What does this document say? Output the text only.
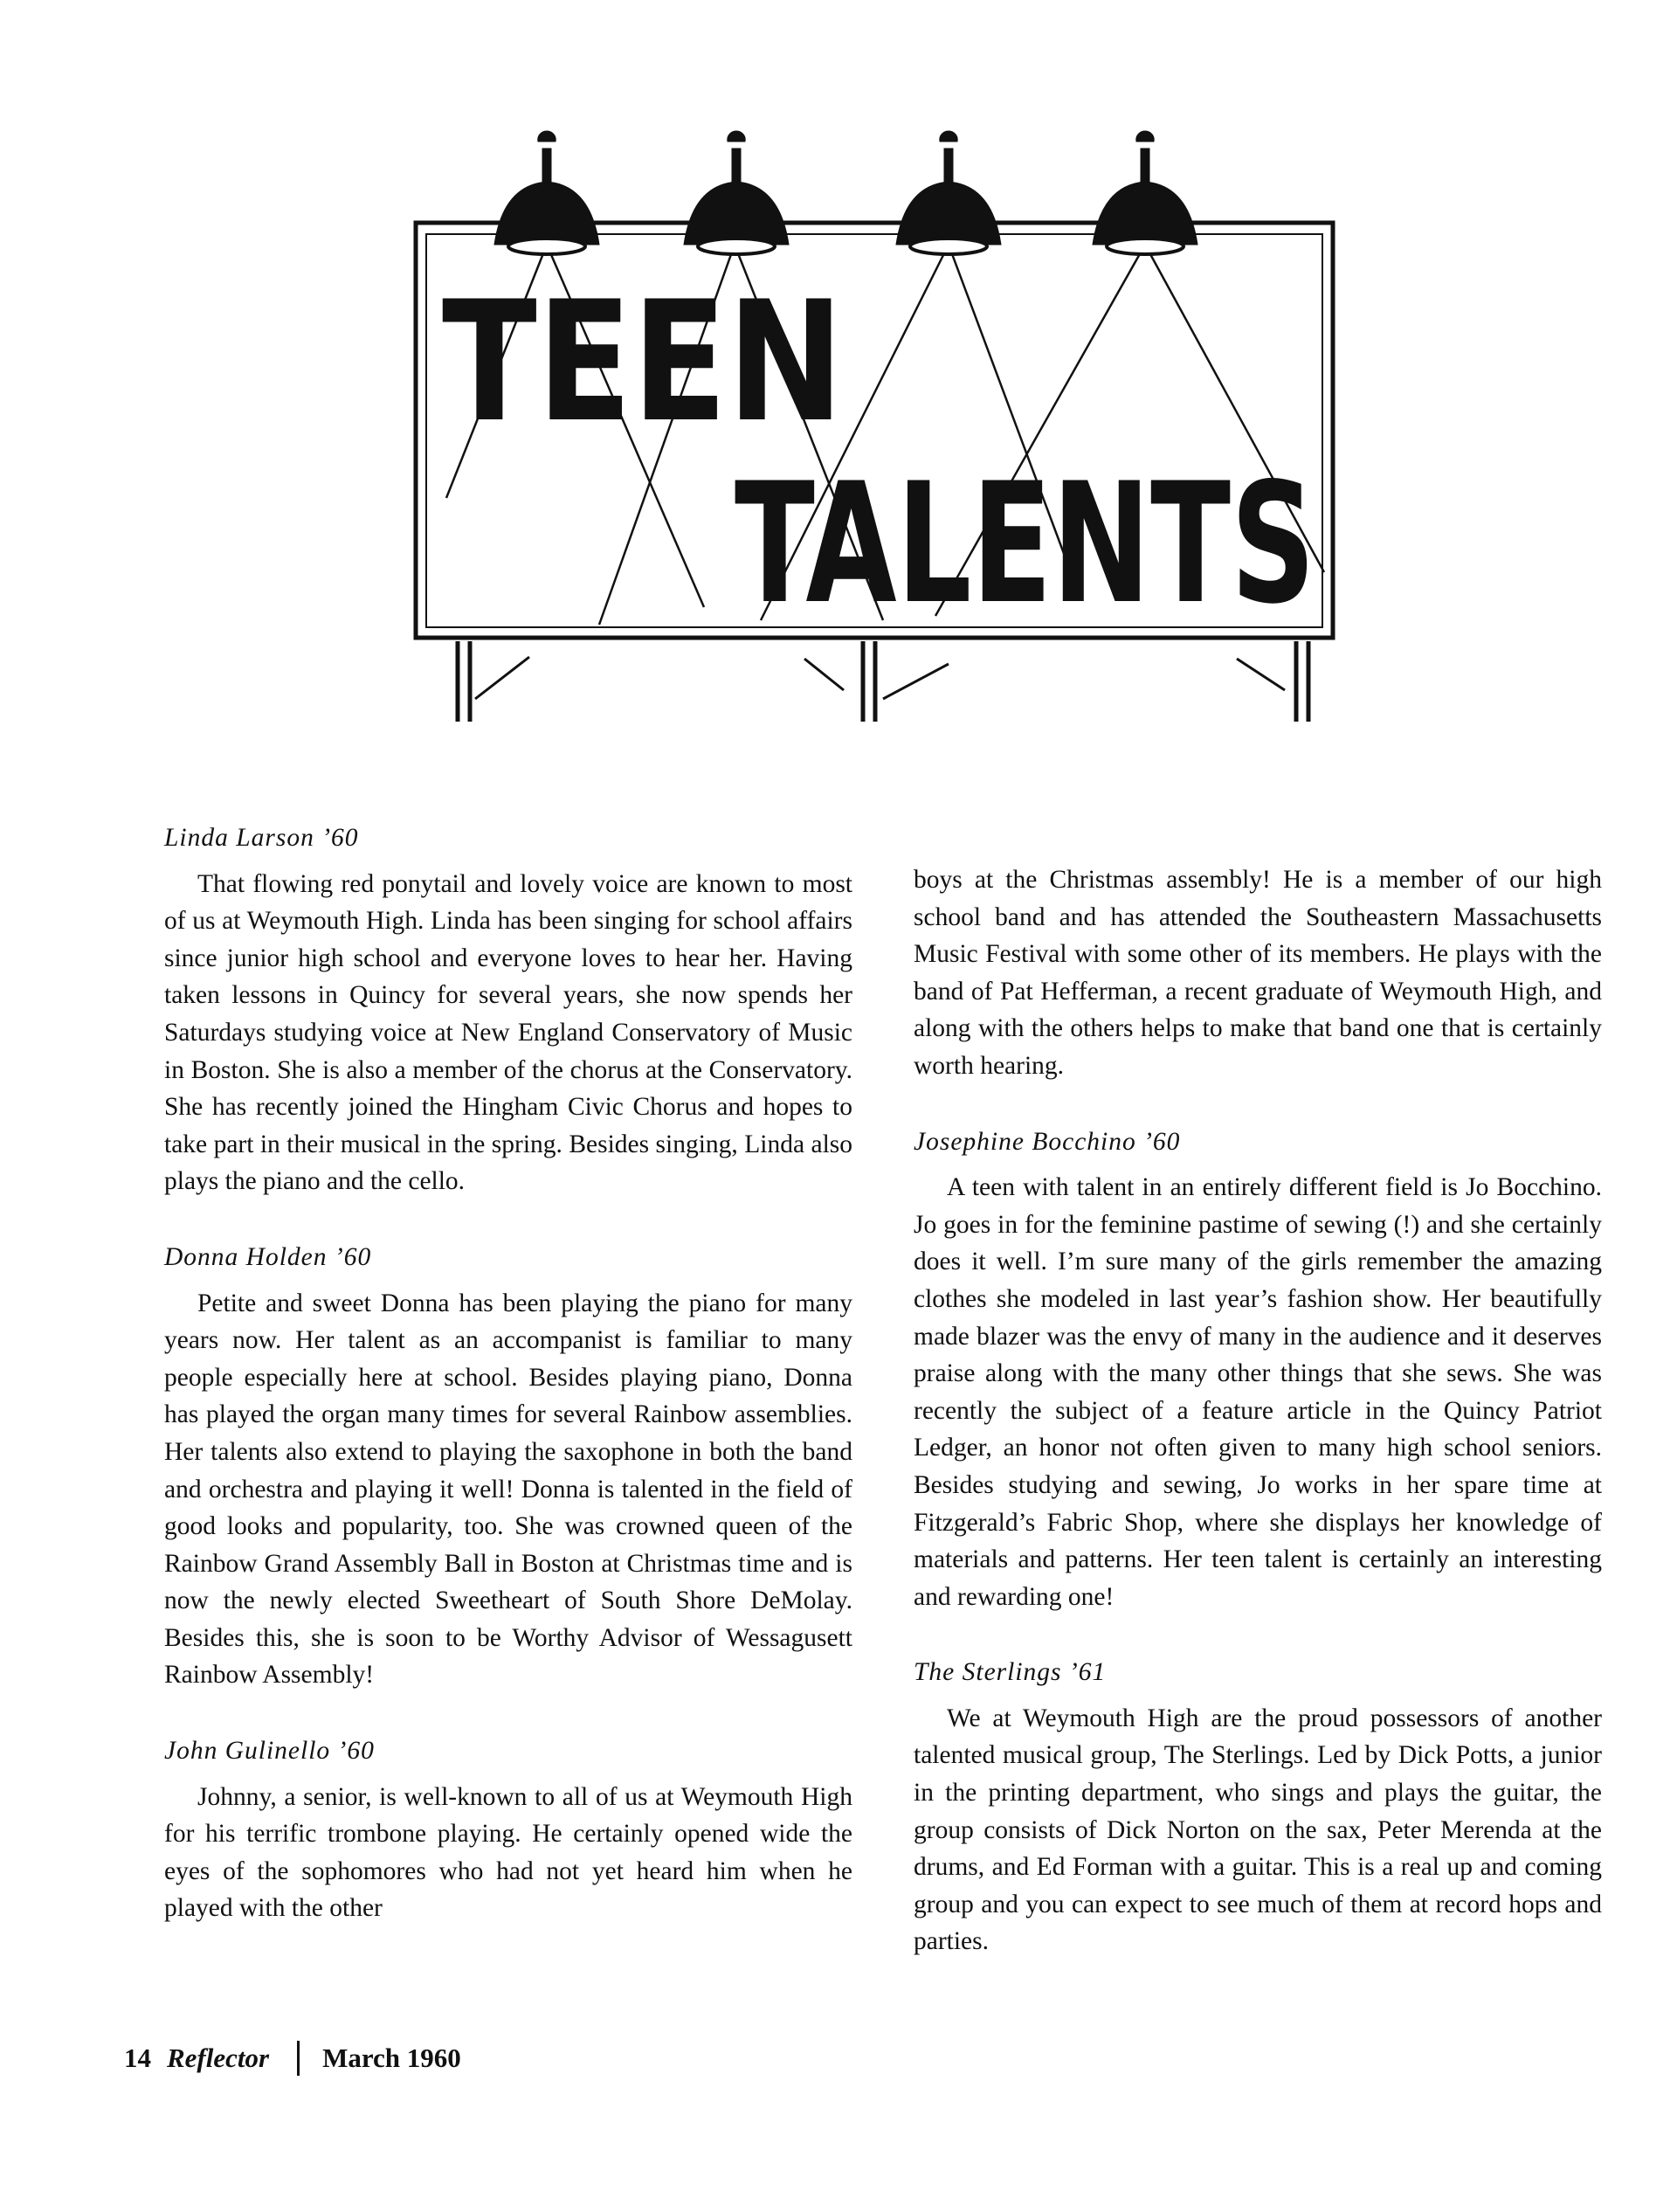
TEEN
TALENTS

Linda Larson ’60

That flowing red ponytail and lovely voice are known to most of us at Weymouth High. Linda has been singing for school affairs since junior high school and everyone loves to hear her. Having taken lessons in Quincy for several years, she now spends her Saturdays studying voice at New England Conservatory of Music in Boston. She is also a member of the chorus at the Conservatory. She has recently joined the Hingham Civic Chorus and hopes to take part in their musical in the spring. Besides singing, Linda also plays the piano and the cello.

Donna Holden ’60

Petite and sweet Donna has been playing the piano for many years now. Her talent as an accompanist is familiar to many people especially here at school. Besides playing piano, Donna has played the organ many times for several Rainbow assemblies. Her talents also extend to playing the saxophone in both the band and orchestra and playing it well! Donna is talented in the field of good looks and popularity, too. She was crowned queen of the Rainbow Grand Assembly Ball in Boston at Christmas time and is now the newly elected Sweetheart of South Shore DeMolay. Besides this, she is soon to be Worthy Advisor of Wessagusett Rainbow Assembly!

John Gulinello ’60

Johnny, a senior, is well-known to all of us at Weymouth High for his terrific trombone playing. He certainly opened wide the eyes of the sophomores who had not yet heard him when he played with the other

boys at the Christmas assembly! He is a member of our high school band and has attended the Southeastern Massachusetts Music Festival with some other of its members. He plays with the band of Pat Hefferman, a recent graduate of Weymouth High, and along with the others helps to make that band one that is certainly worth hearing.

Josephine Bocchino ’60

A teen with talent in an entirely different field is Jo Bocchino. Jo goes in for the feminine pastime of sewing (!) and she certainly does it well. I’m sure many of the girls remember the amazing clothes she modeled in last year’s fashion show. Her beautifully made blazer was the envy of many in the audience and it deserves praise along with the many other things that she sews. She was recently the subject of a feature article in the Quincy Patriot Ledger, an honor not often given to many high school seniors. Besides studying and sewing, Jo works in her spare time at Fitzgerald’s Fabric Shop, where she displays her knowledge of materials and patterns. Her teen talent is certainly an interesting and rewarding one!

The Sterlings ’61

We at Weymouth High are the proud possessors of another talented musical group, The Sterlings. Led by Dick Potts, a junior in the printing department, who sings and plays the guitar, the group consists of Dick Norton on the sax, Peter Merenda at the drums, and Ed Forman with a guitar. This is a real up and coming group and you can expect to see much of them at record hops and parties.

14 Reflector March 1960
